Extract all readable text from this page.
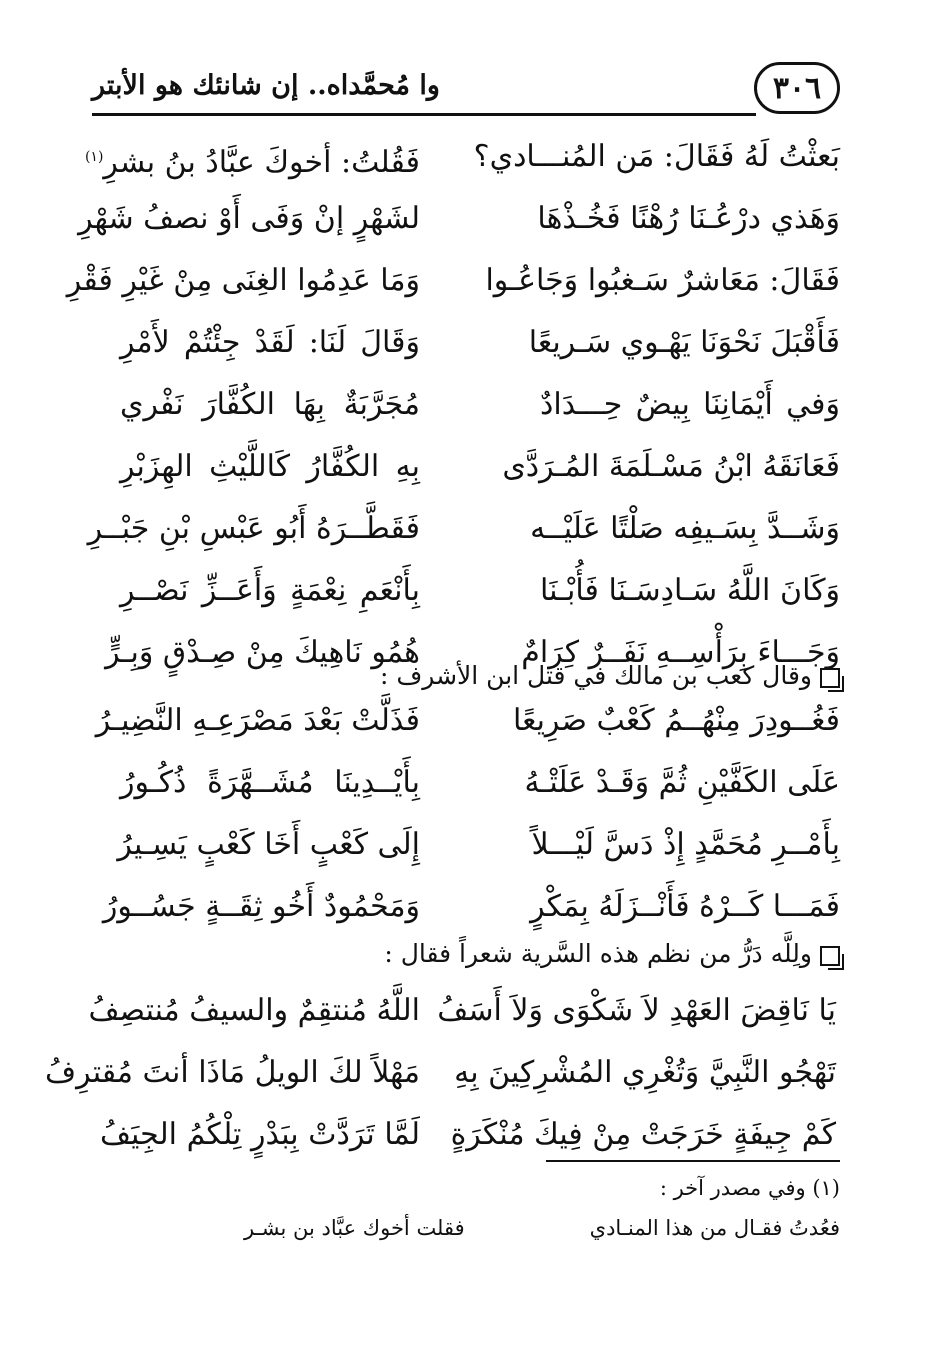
٣٠٦
وا مُحمَّداه.. إن شانئك هو الأبتر
بَعثْتُ لَهُ فَقَالَ: مَن المُنـــادي؟
فَقُلتُ: أخوكَ عبَّادُ بنُ بشرِ$^{(١)}$
وَهَذي درْعُـنَا رُهْنًا فَخُـذْهَا
لشَهْرٍ إنْ وَفَى أَوْ نصفُ شَهْرِ
فَقَالَ: مَعَاشرٌ سَـغبُوا وَجَاعُـوا
وَمَا عَدِمُوا الغِنَى مِنْ غَيْرِ فَقْرِ
فَأَقْبَلَ نَحْوَنَا يَهْـوي سَـريعًا
وَقَالَ لَنَا: لَقَدْ جِئْتُمْ لأَمْرِ
وَفي أَيْمَانِنَا بِيضٌ حِـــدَادٌ
مُجَرَّبَةٌ بِهَا الكُفَّارَ نَفْري
فَعَانَقَهُ ابْنُ مَسْـلَمَةَ المُـرَدَّى
بِهِ الكُفَّارُ كَاللَّيْثِ الهِزَبْرِ
وَشَــدَّ بِسَـيفِه صَلْتًا عَلَيْــه
فَقَطَّــرَهُ أَبُو عَبْسِ بْنِ جَبْــرِ
وَكَانَ اللَّهُ سَـادِسَـنَا فَأُبْـنَا
بِأَنْعَمِ نِعْمَةٍ وَأَعَــزِّ نَصْــرِ
وَجَـــاءَ بِرَأْسِــهِ نَفَــرٌ كِرَامٌ
هُمُو نَاهِيكَ مِنْ صِـدْقٍ وَبِـرٍّ
وقال كعب بن مالك في قتل ابن الأشرف :
فَغُــودِرَ مِنْهُــمُ كَعْبٌ صَرِيعًا
فَذَلَّتْ بَعْدَ مَصْرَعِـهِ النَّضِيـرُ
عَلَى الكَفَّيْنِ ثُمَّ وَقَـدْ عَلَتْـهُ
بِأَيْــدِينَا مُشَــهَّرَةً ذُكُـورُ
بِأَمْــرِ مُحَمَّدٍ إِذْ دَسَّ لَيْـــلاً
إِلَى كَعْبٍ أَخَا كَعْبٍ يَسِـيرُ
فَمَـــا كَــرْهُ فَأَنْــزَلَهُ بِمَكْرٍ
وَمَحْمُودٌ أَخُو ثِقَــةٍ جَسُــورُ
ولِلَّه دَرُّ من نظم هذه السَّرية شعراً فقال :
يَا نَاقِضَ العَهْدِ لاَ شَكْوَى وَلاَ أَسَفُ
اللَّهُ مُنتقِمٌ والسيفُ مُنتصِفُ
تَهْجُو النَّبِيَّ وَتُغْرِي المُشْرِكِينَ بِهِ
مَهْلاً لكَ الويلُ مَاذَا أنتَ مُقترِفُ
كَمْ جِيفَةٍ خَرَجَتْ مِنْ فِيكَ مُنْكَرَةٍ
لَمَّا تَرَدَّتْ بِبَدْرٍ تِلْكُمُ الجِيَفُ
(١) وفي مصدر آخر :
فعُدتُ فقـال من هذا المنـادي
فقلت أخوك عبَّاد بن بشـر
